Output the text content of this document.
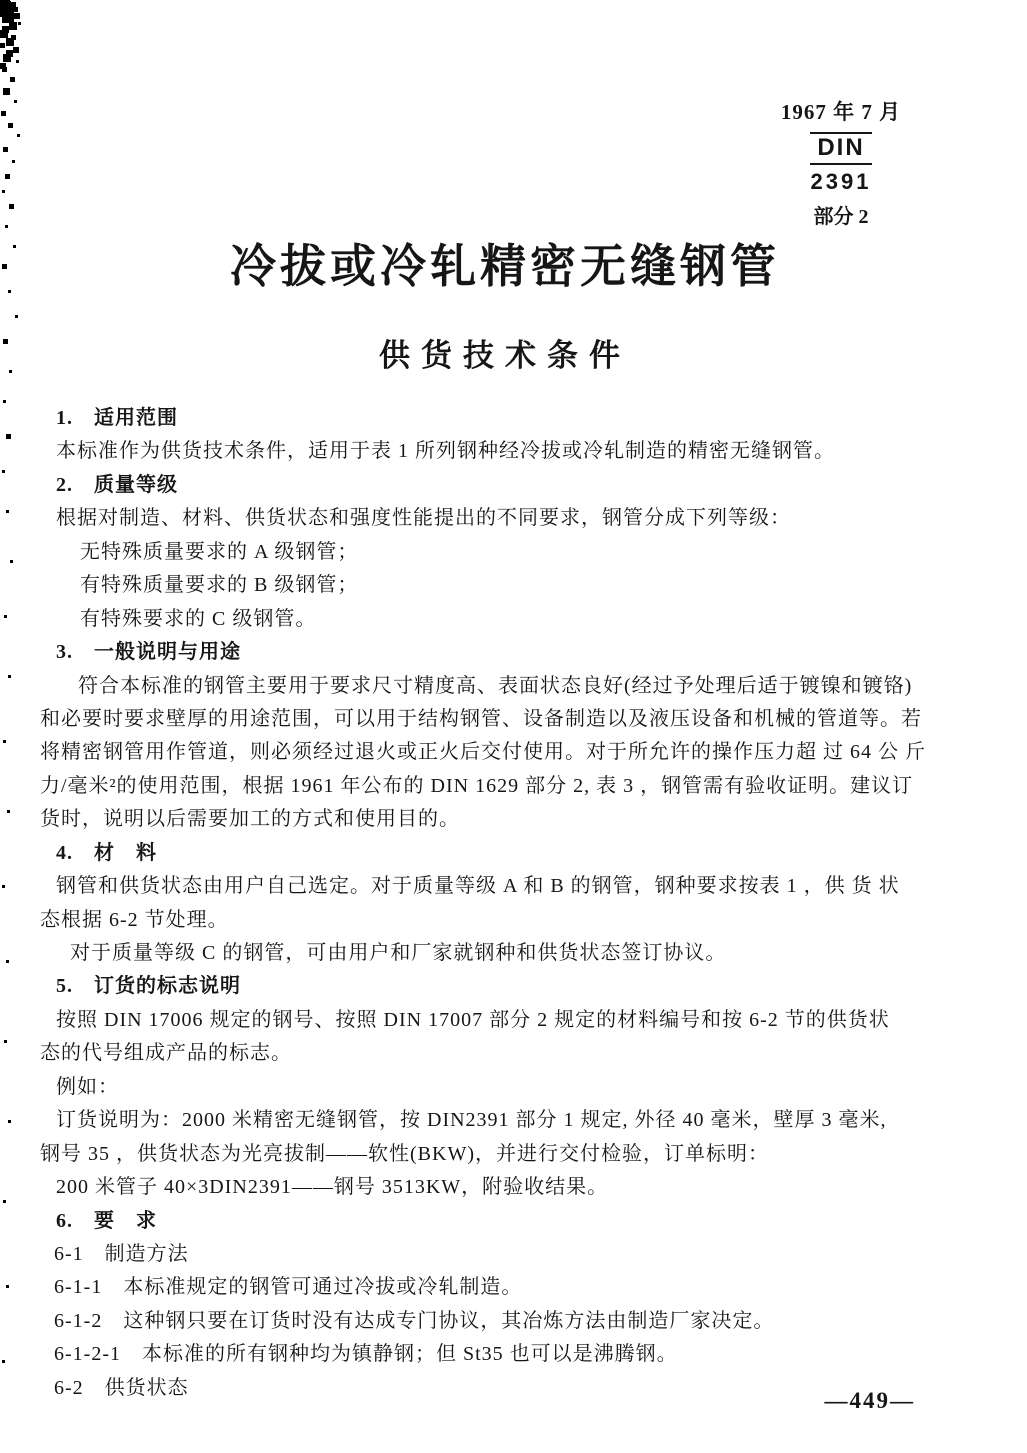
1967 年 7 月
DIN
2391
部分 2
冷拔或冷轧精密无缝钢管
供货技术条件
1.　适用范围
本标准作为供货技术条件，适用于表 1 所列钢种经冷拔或冷轧制造的精密无缝钢管。
2.　质量等级
根据对制造、材料、供货状态和强度性能提出的不同要求，钢管分成下列等级：
无特殊质量要求的 A 级钢管；
有特殊质量要求的 B 级钢管；
有特殊要求的 C 级钢管。
3.　一般说明与用途
符合本标准的钢管主要用于要求尺寸精度高、表面状态良好(经过予处理后适于镀镍和镀铬)
和必要时要求壁厚的用途范围，可以用于结构钢管、设备制造以及液压设备和机械的管道等。若
将精密钢管用作管道，则必须经过退火或正火后交付使用。对于所允许的操作压力超 过 64 公 斤
力/毫米²的使用范围，根据 1961 年公布的 DIN 1629 部分 2, 表 3 ，钢管需有验收证明。建议订
货时，说明以后需要加工的方式和使用目的。
4.　材　料
钢管和供货状态由用户自己选定。对于质量等级 A 和 B 的钢管，钢种要求按表 1 ，供 货 状
态根据 6-2 节处理。
对于质量等级 C 的钢管，可由用户和厂家就钢种和供货状态签订协议。
5.　订货的标志说明
按照 DIN 17006 规定的钢号、按照 DIN 17007 部分 2 规定的材料编号和按 6-2 节的供货状
态的代号组成产品的标志。
例如：
订货说明为：2000 米精密无缝钢管，按 DIN2391 部分 1 规定, 外径 40 毫米，壁厚 3 毫米,
钢号 35 ，供货状态为光亮拔制——软性(BKW)，并进行交付检验，订单标明：
200 米管子 40×3DIN2391——钢号 3513KW，附验收结果。
6.　要　求
6-1　制造方法
6-1-1　本标准规定的钢管可通过冷拔或冷轧制造。
6-1-2　这种钢只要在订货时没有达成专门协议，其冶炼方法由制造厂家决定。
6-1-2-1　本标准的所有钢种均为镇静钢；但 St35 也可以是沸腾钢。
6-2　供货状态
—449—
